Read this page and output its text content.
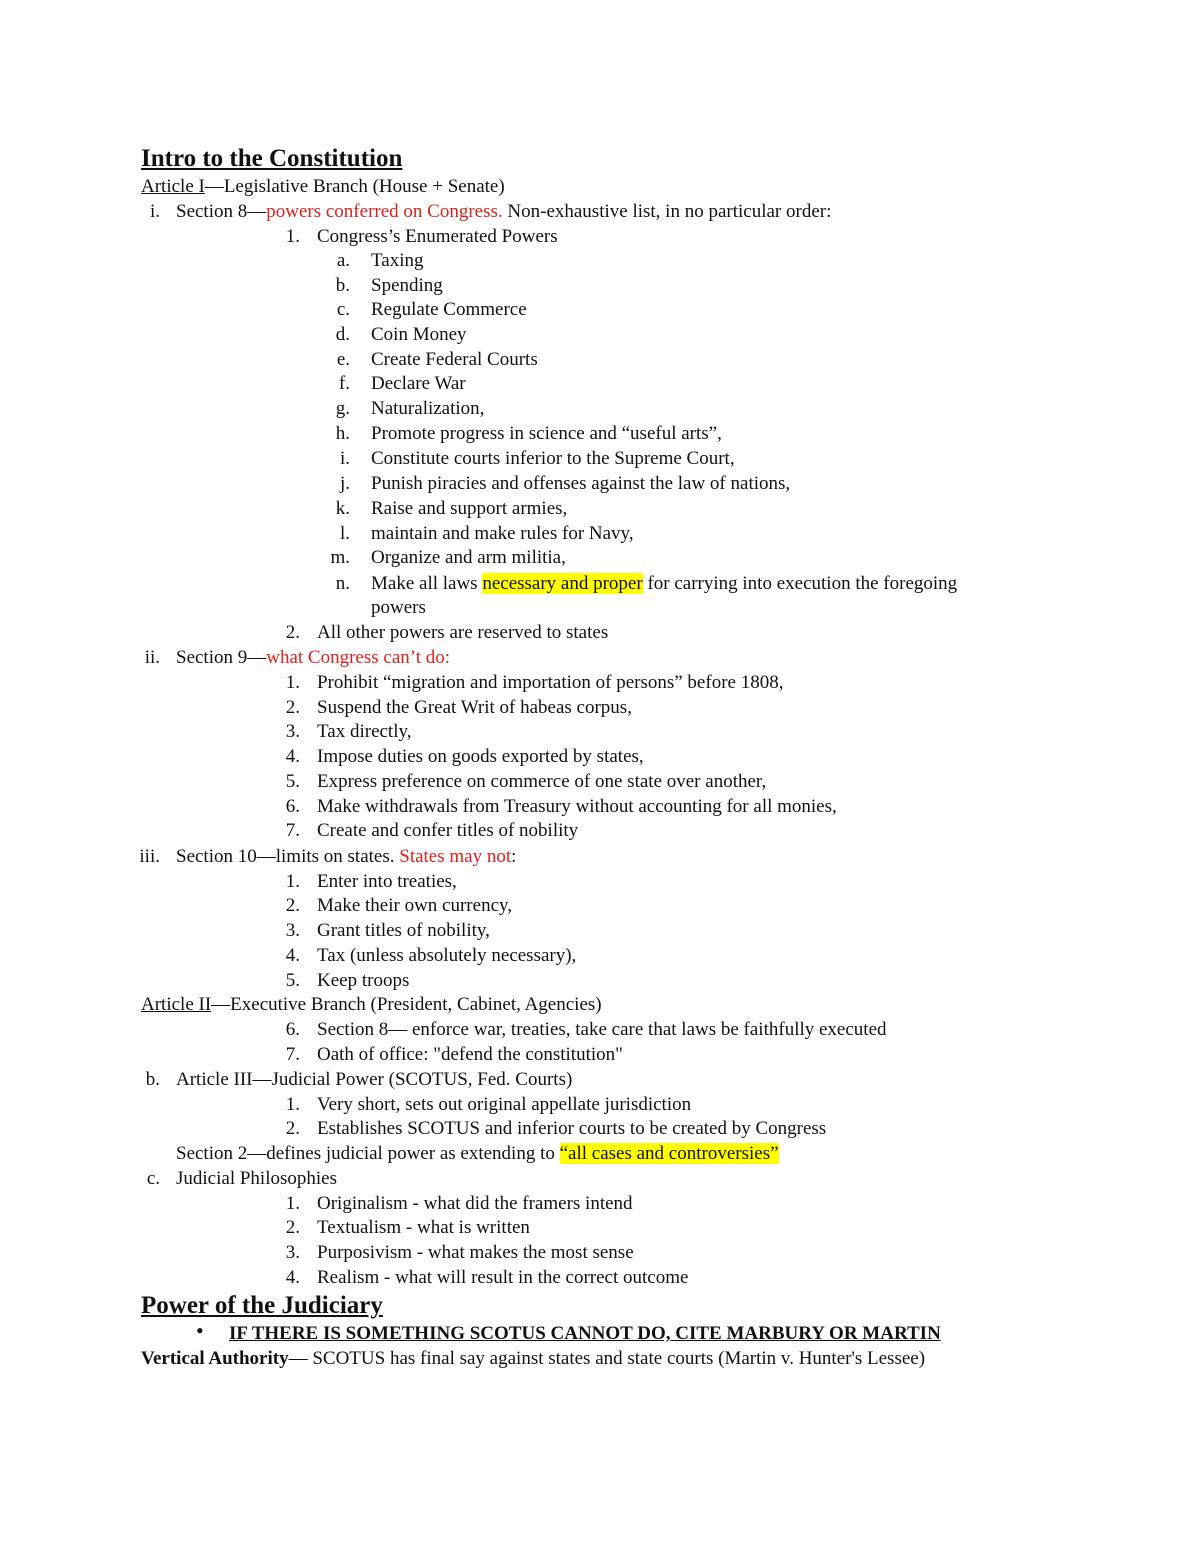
Intro to the Constitution
Article I—Legislative Branch (House + Senate)
i. Section 8—powers conferred on Congress. Non-exhaustive list, in no particular order:
1. Congress’s Enumerated Powers
a. Taxing
b. Spending
c. Regulate Commerce
d. Coin Money
e. Create Federal Courts
f. Declare War
g. Naturalization,
h. Promote progress in science and “useful arts”,
i. Constitute courts inferior to the Supreme Court,
j. Punish piracies and offenses against the law of nations,
k. Raise and support armies,
l. maintain and make rules for Navy,
m. Organize and arm militia,
n. Make all laws necessary and proper for carrying into execution the foregoing
powers
2. All other powers are reserved to states
ii. Section 9—what Congress can’t do:
1. Prohibit “migration and importation of persons” before 1808,
2. Suspend the Great Writ of habeas corpus,
3. Tax directly,
4. Impose duties on goods exported by states,
5. Express preference on commerce of one state over another,
6. Make withdrawals from Treasury without accounting for all monies,
7. Create and confer titles of nobility
iii. Section 10—limits on states. States may not:
1. Enter into treaties,
2. Make their own currency,
3. Grant titles of nobility,
4. Tax (unless absolutely necessary),
5. Keep troops
Article II—Executive Branch (President, Cabinet, Agencies)
6. Section 8— enforce war, treaties, take care that laws be faithfully executed
7. Oath of office: "defend the constitution"
b. Article III—Judicial Power (SCOTUS, Fed. Courts)
1. Very short, sets out original appellate jurisdiction
2. Establishes SCOTUS and inferior courts to be created by Congress
Section 2—defines judicial power as extending to “all cases and controversies”
c. Judicial Philosophies
1. Originalism - what did the framers intend
2. Textualism - what is written
3. Purposivism - what makes the most sense
4. Realism - what will result in the correct outcome
Power of the Judiciary
• IF THERE IS SOMETHING SCOTUS CANNOT DO, CITE MARBURY OR MARTIN
Vertical Authority— SCOTUS has final say against states and state courts (Martin v. Hunter's Lessee)
